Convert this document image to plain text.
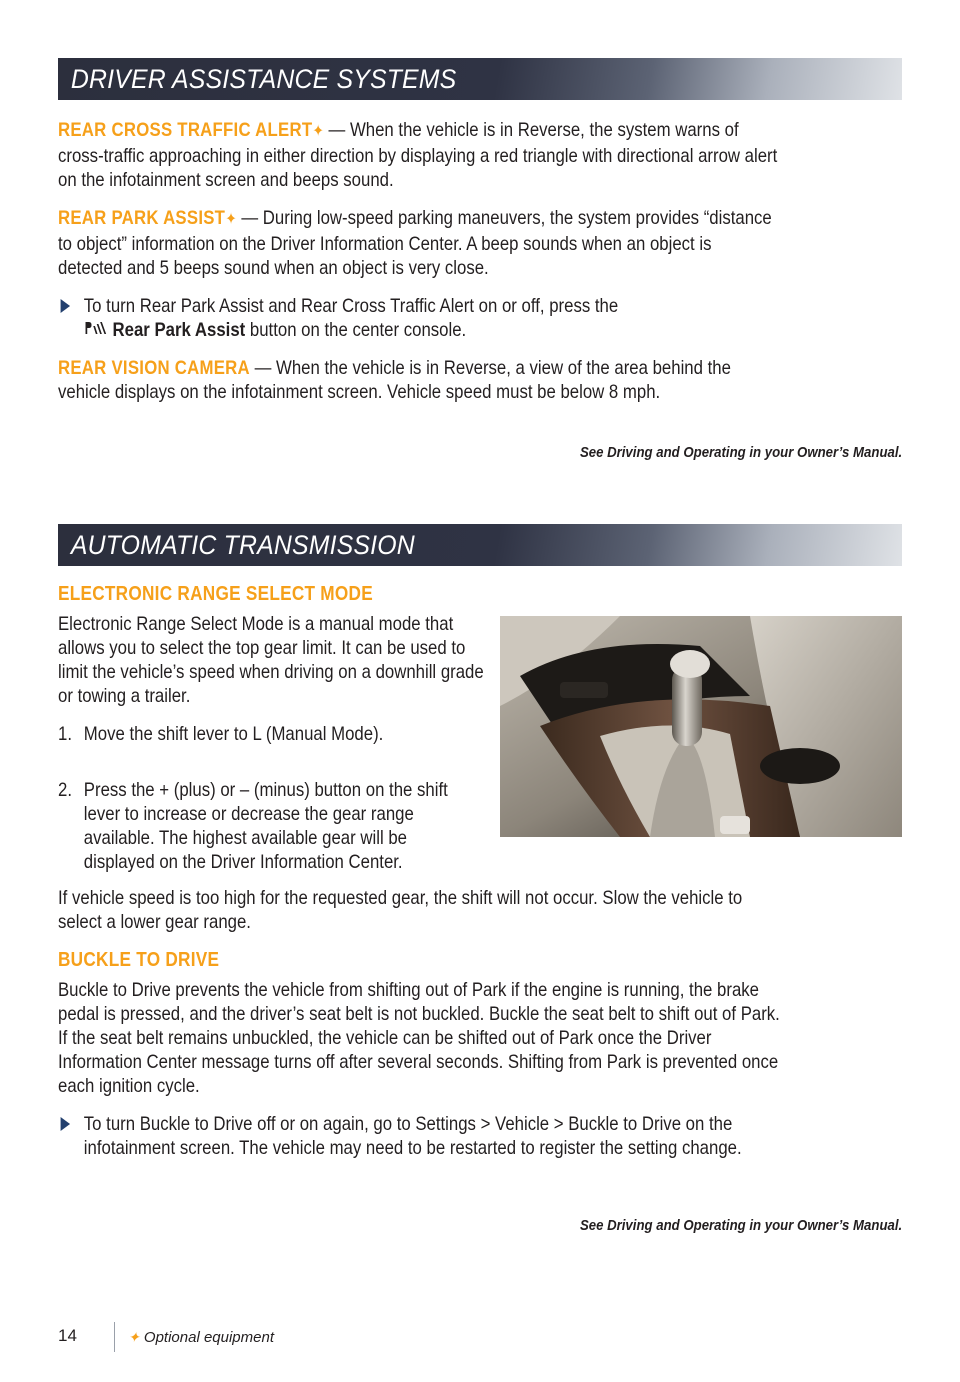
DRIVER ASSISTANCE SYSTEMS

REAR CROSS TRAFFIC ALERT✦ — When the vehicle is in Reverse, the system warns of cross-traffic approaching in either direction by displaying a red triangle with directional arrow alert on the infotainment screen and beeps sound.

REAR PARK ASSIST✦ — During low-speed parking maneuvers, the system provides “distance to object” information on the Driver Information Center. A beep sounds when an object is detected and 5 beeps sound when an object is very close.

To turn Rear Park Assist and Rear Cross Traffic Alert on or off, press the
Rear Park Assist button on the center console.

REAR VISION CAMERA — When the vehicle is in Reverse, a view of the area behind the vehicle displays on the infotainment screen. Vehicle speed must be below 8 mph.

See Driving and Operating in your Owner’s Manual.
AUTOMATIC TRANSMISSION
ELECTRONIC RANGE SELECT MODE

Electronic Range Select Mode is a manual mode that allows you to select the top gear limit. It can be used to limit the vehicle’s speed when driving on a downhill grade or towing a trailer.

1. Move the shift lever to L (Manual Mode).
2. Press the + (plus) or – (minus) button on the shift lever to increase or decrease the gear range available. The highest available gear will be displayed on the Driver Information Center.

If vehicle speed is too high for the requested gear, the shift will not occur. Slow the vehicle to select a lower gear range.

BUCKLE TO DRIVE

Buckle to Drive prevents the vehicle from shifting out of Park if the engine is running, the brake pedal is pressed, and the driver’s seat belt is not buckled. Buckle the seat belt to shift out of Park. If the seat belt remains unbuckled, the vehicle can be shifted out of Park once the Driver Information Center message turns off after several seconds. Shifting from Park is prevented once each ignition cycle.

To turn Buckle to Drive off or on again, go to Settings > Vehicle > Buckle to Drive on the infotainment screen. The vehicle may need to be restarted to register the setting change.
See Driving and Operating in your Owner’s Manual.
14	✦ Optional equipment
